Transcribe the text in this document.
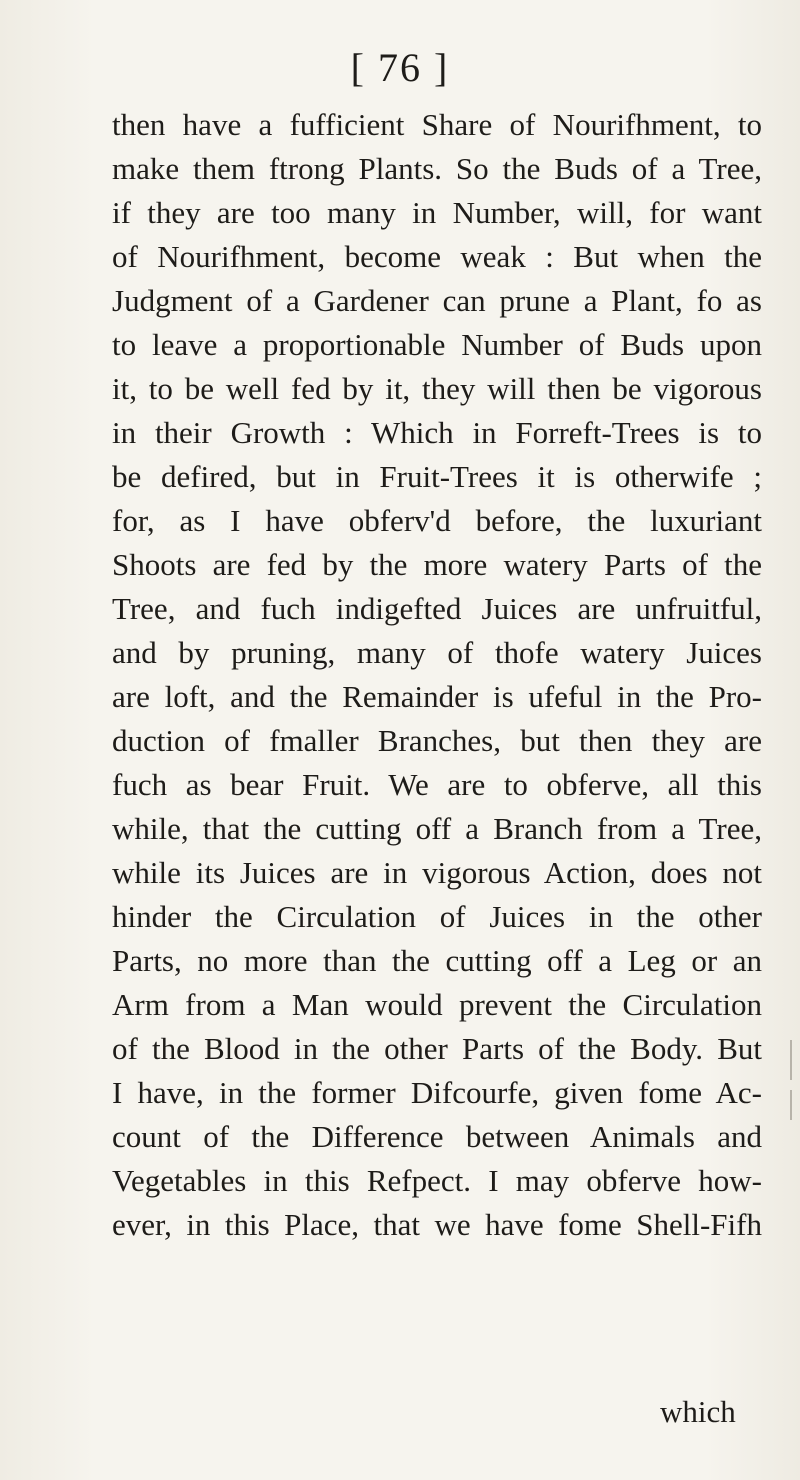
[ 76 ]
then have a fufficient Share of Nourifhment, to
make them ftrong Plants. So the Buds of a Tree,
if they are too many in Number, will, for want
of Nourifhment, become weak : But when the
Judgment of a Gardener can prune a Plant, fo as
to leave a proportionable Number of Buds upon
it, to be well fed by it, they will then be vigorous
in their Growth : Which in Forreft-Trees is to
be defired, but in Fruit-Trees it is otherwife ;
for, as I have obferv'd before, the luxuriant
Shoots are fed by the more watery Parts of the
Tree, and fuch indigefted Juices are unfruitful,
and by pruning, many of thofe watery Juices
are loft, and the Remainder is ufeful in the Pro-
duction of fmaller Branches, but then they are
fuch as bear Fruit. We are to obferve, all this
while, that the cutting off a Branch from a Tree,
while its Juices are in vigorous Action, does not
hinder the Circulation of Juices in the other
Parts, no more than the cutting off a Leg or an
Arm from a Man would prevent the Circulation
of the Blood in the other Parts of the Body. But
I have, in the former Difcourfe, given fome Ac-
count of the Difference between Animals and
Vegetables in this Refpect. I may obferve how-
ever, in this Place, that we have fome Shell-Fifh
which
